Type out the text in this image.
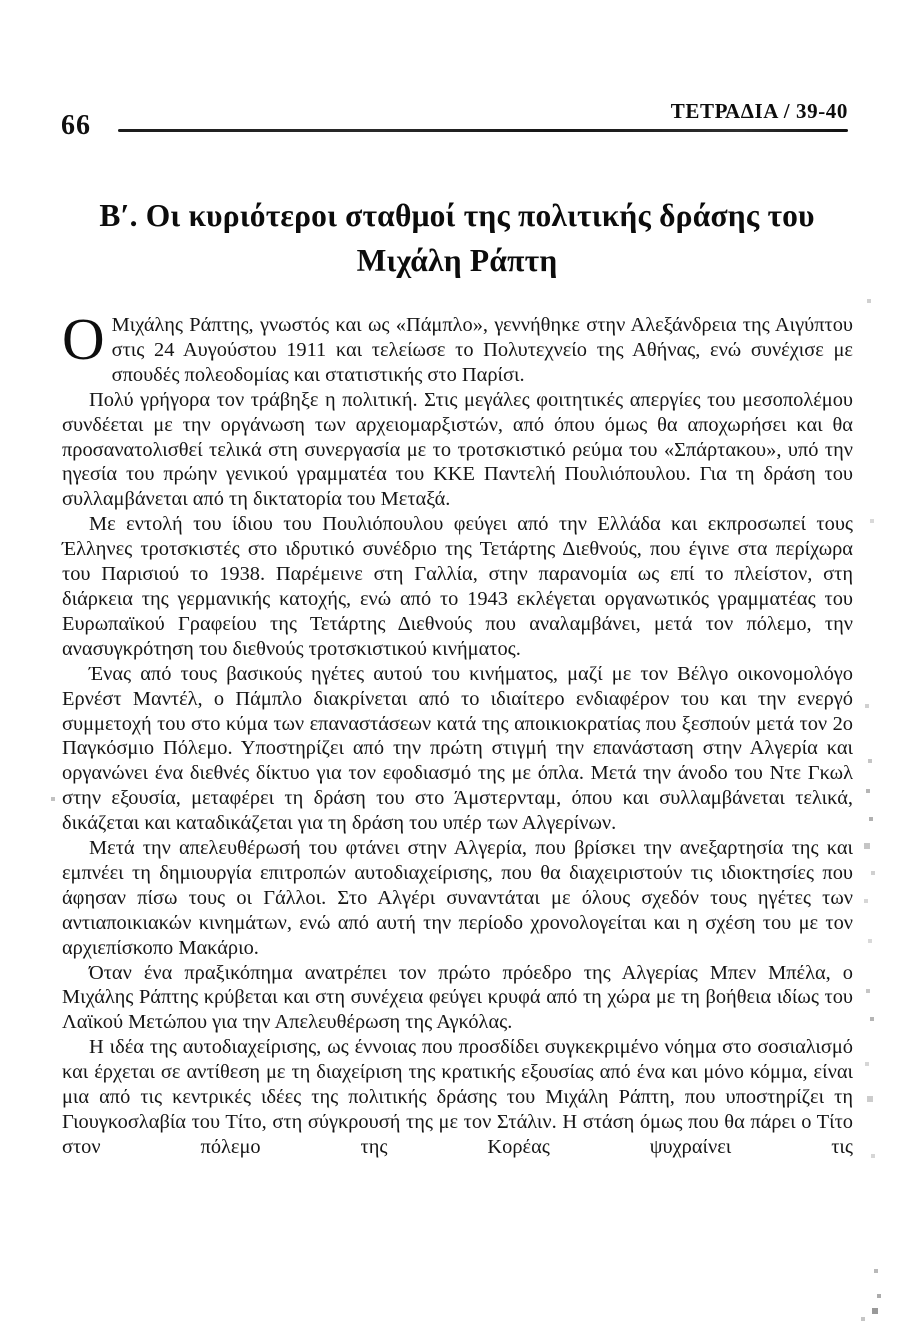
66	ΤΕΤΡΑΔΙΑ / 39-40
Β′. Οι κυριότεροι σταθμοί της πολιτικής δράσης του
Μιχάλη Ράπτη

Ο Μιχάλης Ράπτης, γνωστός και ως «Πάμπλο», γεννήθηκε στην Αλεξάνδρεια της Αιγύπτου στις 24 Αυγούστου 1911 και τελείωσε το Πολυτεχνείο της Αθήνας, ενώ συνέχισε με σπουδές πολεοδομίας και στατιστικής στο Παρίσι.

Πολύ γρήγορα τον τράβηξε η πολιτική. Στις μεγάλες φοιτητικές απεργίες του μεσοπολέμου συνδέεται με την οργάνωση των αρχειομαρξιστών, από όπου όμως θα αποχωρήσει και θα προσανατολισθεί τελικά στη συνεργασία με το τροτσκιστικό ρεύμα του «Σπάρτακου», υπό την ηγεσία του πρώην γενικού γραμματέα του ΚΚΕ Παντελή Πουλιόπουλου. Για τη δράση του συλλαμβάνεται από τη δικτατορία του Μεταξά.

Με εντολή του ίδιου του Πουλιόπουλου φεύγει από την Ελλάδα και εκπροσωπεί τους Έλληνες τροτσκιστές στο ιδρυτικό συνέδριο της Τετάρτης Διεθνούς, που έγινε στα περίχωρα του Παρισιού το 1938. Παρέμεινε στη Γαλλία, στην παρανομία ως επί το πλείστον, στη διάρκεια της γερμανικής κατοχής, ενώ από το 1943 εκλέγεται οργανωτικός γραμματέας του Ευρωπαϊκού Γραφείου της Τετάρτης Διεθνούς που αναλαμβάνει, μετά τον πόλεμο, την ανασυγκρότηση του διεθνούς τροτσκιστικού κινήματος.

Ένας από τους βασικούς ηγέτες αυτού του κινήματος, μαζί με τον Βέλγο οικονομολόγο Ερνέστ Μαντέλ, ο Πάμπλο διακρίνεται από το ιδιαίτερο ενδιαφέρον του και την ενεργό συμμετοχή του στο κύμα των επαναστάσεων κατά της αποικιοκρατίας που ξεσπούν μετά τον 2ο Παγκόσμιο Πόλεμο. Υποστηρίζει από την πρώτη στιγμή την επανάσταση στην Αλγερία και οργανώνει ένα διεθνές δίκτυο για τον εφοδιασμό της με όπλα. Μετά την άνοδο του Ντε Γκωλ στην εξουσία, μεταφέρει τη δράση του στο Άμστερνταμ, όπου και συλλαμβάνεται τελικά, δικάζεται και καταδικάζεται για τη δράση του υπέρ των Αλγερίνων.

Μετά την απελευθέρωσή του φτάνει στην Αλγερία, που βρίσκει την ανεξαρτησία της και εμπνέει τη δημιουργία επιτροπών αυτοδιαχείρισης, που θα διαχειριστούν τις ιδιοκτησίες που άφησαν πίσω τους οι Γάλλοι. Στο Αλγέρι συναντάται με όλους σχεδόν τους ηγέτες των αντιαποικιακών κινημάτων, ενώ από αυτή την περίοδο χρονολογείται και η σχέση του με τον αρχιεπίσκοπο Μακάριο.

Όταν ένα πραξικόπημα ανατρέπει τον πρώτο πρόεδρο της Αλγερίας Μπεν Μπέλα, ο Μιχάλης Ράπτης κρύβεται και στη συνέχεια φεύγει κρυφά από τη χώρα με τη βοήθεια ιδίως του Λαϊκού Μετώπου για την Απελευθέρωση της Αγκόλας.

Η ιδέα της αυτοδιαχείρισης, ως έννοιας που προσδίδει συγκεκριμένο νόημα στο σοσιαλισμό και έρχεται σε αντίθεση με τη διαχείριση της κρατικής εξουσίας από ένα και μόνο κόμμα, είναι μια από τις κεντρικές ιδέες της πολιτικής δράσης του Μιχάλη Ράπτη, που υποστηρίζει τη Γιουγκοσλαβία του Τίτο, στη σύγκρουσή της με τον Στάλιν. Η στάση όμως που θα πάρει ο Τίτο στον πόλεμο της Κορέας ψυχραίνει τις
